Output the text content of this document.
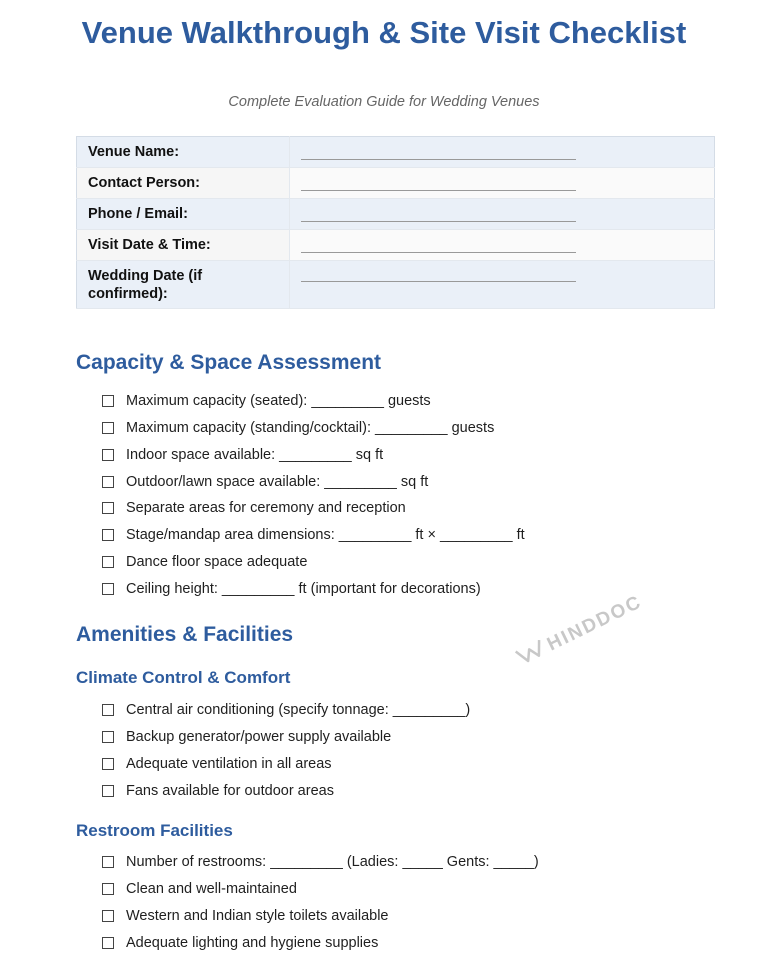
Venue Walkthrough & Site Visit Checklist
Complete Evaluation Guide for Wedding Venues
Venue Name:	

Contact Person:	

Phone / Email:	

Visit Date & Time:	

Wedding Date (if confirmed):	
Capacity & Space Assessment
Maximum capacity (seated): _________ guests
Maximum capacity (standing/cocktail): _________ guests
Indoor space available: _________ sq ft
Outdoor/lawn space available: _________ sq ft
Separate areas for ceremony and reception
Stage/mandap area dimensions: _________ ft × _________ ft
Dance floor space adequate
Ceiling height: _________ ft (important for decorations)
Amenities & Facilities
Climate Control & Comfort
Central air conditioning (specify tonnage: _________)
Backup generator/power supply available
Adequate ventilation in all areas
Fans available for outdoor areas
Restroom Facilities
Number of restrooms: _________ (Ladies: _____ Gents: _____)
Clean and well-maintained
Western and Indian style toilets available
Adequate lighting and hygiene supplies
HINDDOC
